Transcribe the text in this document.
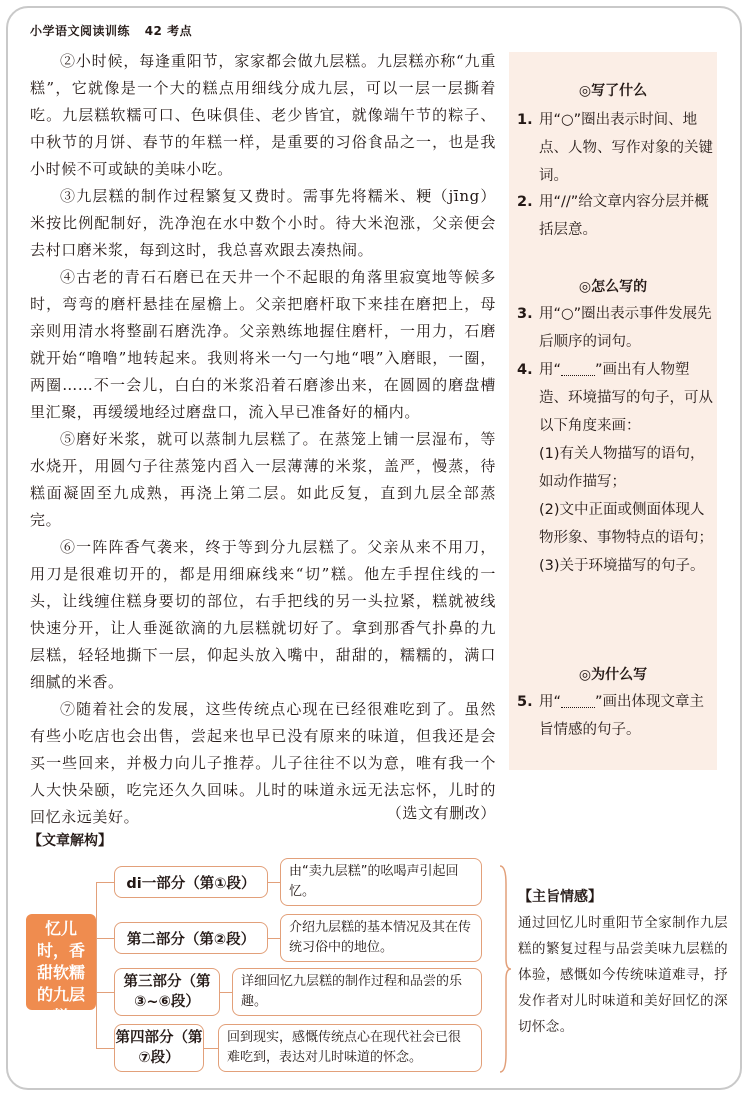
小学语文阅读训练 42 考点

②小时候，每逢重阳节，家家都会做九层糕。九层糕亦称“九重糕”，它就像是一个大的糕点用细线分成九层，可以一层一层撕着吃。九层糕软糯可口、色味俱佳、老少皆宜，就像端午节的粽子、中秋节的月饼、春节的年糕一样，是重要的习俗食品之一，也是我小时候不可或缺的美味小吃。

③九层糕的制作过程繁复又费时。需事先将糯米、粳（jīng）米按比例配制好，洗净泡在水中数个小时。待大米泡涨，父亲便会去村口磨米浆，每到这时，我总喜欢跟去凑热闹。

④古老的青石石磨已在天井一个不起眼的角落里寂寞地等候多时，弯弯的磨杆悬挂在屋檐上。父亲把磨杆取下来挂在磨把上，母亲则用清水将整副石磨洗净。父亲熟练地握住磨杆，一用力，石磨就开始“噜噜”地转起来。我则将米一勺一勺地“喂”入磨眼，一圈，两圈……不一会儿，白白的米浆沿着石磨渗出来，在圆圆的磨盘槽里汇聚，再缓缓地经过磨盘口，流入早已准备好的桶内。

⑤磨好米浆，就可以蒸制九层糕了。在蒸笼上铺一层湿布，等水烧开，用圆勺子往蒸笼内舀入一层薄薄的米浆，盖严，慢蒸，待糕面凝固至九成熟，再浇上第二层。如此反复，直到九层全部蒸完。

⑥一阵阵香气袭来，终于等到分九层糕了。父亲从来不用刀，用刀是很难切开的，都是用细麻线来“切”糕。他左手捏住线的一头，让线缠住糕身要切的部位，右手把线的另一头拉紧，糕就被线快速分开，让人垂涎欲滴的九层糕就切好了。拿到那香气扑鼻的九层糕，轻轻地撕下一层，仰起头放入嘴中，甜甜的，糯糯的，满口细腻的米香。

⑦随着社会的发展，这些传统点心现在已经很难吃到了。虽然有些小吃店也会出售，尝起来也早已没有原来的味道，但我还是会买一些回来，并极力向儿子推荐。儿子往往不以为意，唯有我一个人大快朵颐，吃完还久久回味。儿时的味道永远无法忘怀，儿时的回忆永远美好。	（选文有删改）
◎写了什么
1. 用“○”圈出表示时间、地点、人物、写作对象的关键词。
2. 用“//”给文章内容分层并概括层意。
◎怎么写的
3. 用“○”圈出表示事件发展先后顺序的词句。
4. 用“ ”画出有人物塑造、环境描写的句子，可从以下角度来画：
(1)有关人物描写的语句，如动作描写；
(2)文中正面或侧面体现人物形象、事物特点的语句；
(3)关于环境描写的句子。
◎为什么写
5. 用“ ”画出体现文章主旨情感的句子。
【文章解构】
忆儿时，香甜软糯的九层糕
di一部分（第①段）
由“卖九层糕”的吆喝声引起回忆。
第二部分（第②段）
介绍九层糕的基本情况及其在传统习俗中的地位。
第三部分（第③~⑥段）
详细回忆九层糕的制作过程和品尝的乐趣。
第四部分（第⑦段）
回到现实，感慨传统点心在现代社会已很难吃到，表达对儿时味道的怀念。
【主旨情感】
通过回忆儿时重阳节全家制作九层糕的繁复过程与品尝美味九层糕的体验，感慨如今传统味道难寻，抒发作者对儿时味道和美好回忆的深切怀念。
